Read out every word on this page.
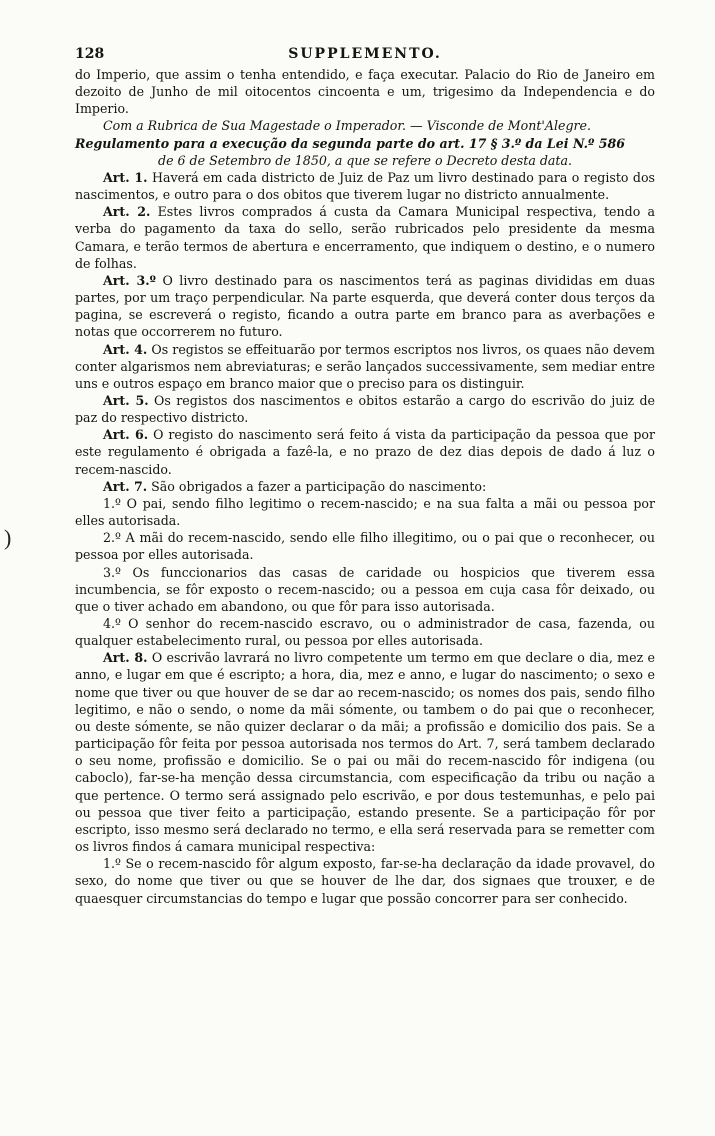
)
128	SUPPLEMENTO.

do Imperio, que assim o tenha entendido, e faça executar. Palacio do Rio de Janeiro em dezoito de Junho de mil oitocentos cincoenta e um, trigesimo da Independencia e do Imperio.

Com a Rubrica de Sua Magestade o Imperador. — Visconde de Mont'Alegre.

Regulamento para a execução da segunda parte do art. 17 § 3.º da Lei N.º 586

de 6 de Setembro de 1850, a que se refere o Decreto desta data.

Art. 1. Haverá em cada districto de Juiz de Paz um livro destinado para o registo dos nascimentos, e outro para o dos obitos que tiverem lugar no districto annualmente.

Art. 2. Estes livros comprados á custa da Camara Municipal respectiva, tendo a verba do pagamento da taxa do sello, serão rubricados pelo presidente da mesma Camara, e terão termos de abertura e encerramento, que indiquem o destino, e o numero de folhas.

Art. 3.º O livro destinado para os nascimentos terá as paginas divididas em duas partes, por um traço perpendicular. Na parte esquerda, que deverá conter dous terços da pagina, se escreverá o registo, ficando a outra parte em branco para as averbações e notas que occorrerem no futuro.

Art. 4. Os registos se effeituarão por termos escriptos nos livros, os quaes não devem conter algarismos nem abreviaturas; e serão lançados successivamente, sem mediar entre uns e outros espaço em branco maior que o preciso para os distinguir.

Art. 5. Os registos dos nascimentos e obitos estarão a cargo do escrivão do juiz de paz do respectivo districto.

Art. 6. O registo do nascimento será feito á vista da participação da pessoa que por este regulamento é obrigada a fazê-la, e no prazo de dez dias depois de dado á luz o recem-nascido.

Art. 7. São obrigados a fazer a participação do nascimento:

1.º O pai, sendo filho legitimo o recem-nascido; e na sua falta a mãi ou pessoa por elles autorisada.

2.º A mãi do recem-nascido, sendo elle filho illegitimo, ou o pai que o reconhecer, ou pessoa por elles autorisada.

3.º Os funccionarios das casas de caridade ou hospicios que tiverem essa incumbencia, se fôr exposto o recem-nascido; ou a pessoa em cuja casa fôr deixado, ou que o tiver achado em abandono, ou que fôr para isso autorisada.

4.º O senhor do recem-nascido escravo, ou o administrador de casa, fazenda, ou qualquer estabelecimento rural, ou pessoa por elles autorisada.

Art. 8. O escrivão lavrará no livro competente um termo em que declare o dia, mez e anno, e lugar em que é escripto; a hora, dia, mez e anno, e lugar do nascimento; o sexo e nome que tiver ou que houver de se dar ao recem-nascido; os nomes dos pais, sendo filho legitimo, e não o sendo, o nome da mãi sómente, ou tambem o do pai que o reconhecer, ou deste sómente, se não quizer declarar o da mãi; a profissão e domicilio dos pais. Se a participação fôr feita por pessoa autorisada nos termos do Art. 7, será tambem declarado o seu nome, profissão e domicilio. Se o pai ou mãi do recem-nascido fôr indigena (ou caboclo), far-se-ha menção dessa circumstancia, com especificação da tribu ou nação a que pertence. O termo será assignado pelo escrivão, e por dous testemunhas, e pelo pai ou pessoa que tiver feito a participação, estando presente. Se a participação fôr por escripto, isso mesmo será declarado no termo, e ella será reservada para se remetter com os livros findos á camara municipal respectiva:

1.º Se o recem-nascido fôr algum exposto, far-se-ha declaração da idade provavel, do sexo, do nome que tiver ou que se houver de lhe dar, dos signaes que trouxer, e de quaesquer circumstancias do tempo e lugar que possão concorrer para ser conhecido.
